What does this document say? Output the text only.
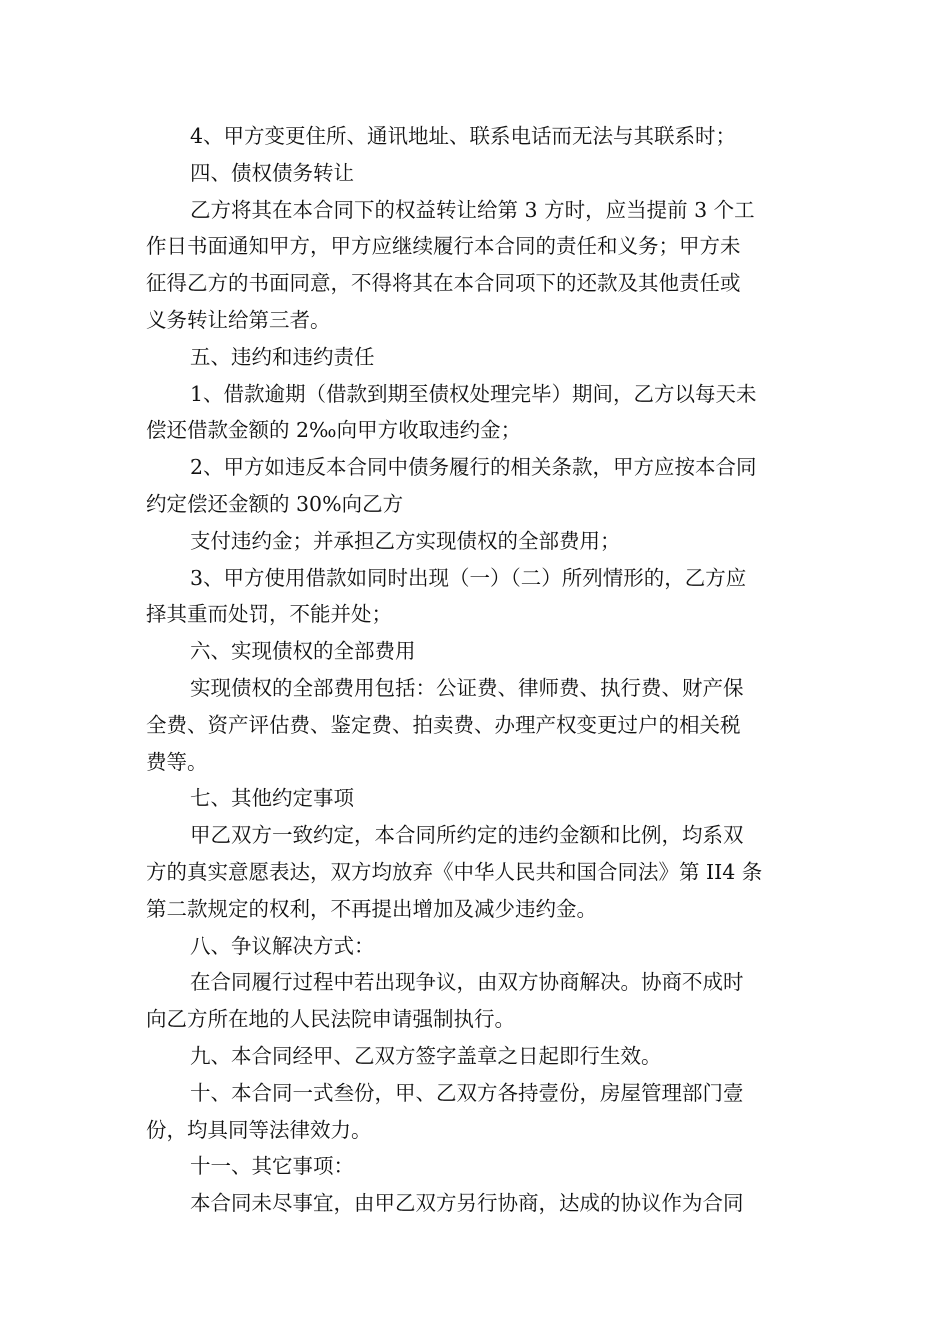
4、甲方变更住所、通讯地址、联系电话而无法与其联系时；
四、债权债务转让
乙方将其在本合同下的权益转让给第 3 方时，应当提前 3 个工
作日书面通知甲方，甲方应继续履行本合同的责任和义务；甲方未
征得乙方的书面同意，不得将其在本合同项下的还款及其他责任或
义务转让给第三者。
五、违约和违约责任
1、借款逾期（借款到期至债权处理完毕）期间，乙方以每天未
偿还借款金额的 2‰向甲方收取违约金；
2、甲方如违反本合同中债务履行的相关条款，甲方应按本合同
约定偿还金额的 30%向乙方
支付违约金；并承担乙方实现债权的全部费用；
3、甲方使用借款如同时出现（一）（二）所列情形的，乙方应
择其重而处罚，不能并处；
六、实现债权的全部费用
实现债权的全部费用包括：公证费、律师费、执行费、财产保
全费、资产评估费、鉴定费、拍卖费、办理产权变更过户的相关税
费等。
七、其他约定事项
甲乙双方一致约定，本合同所约定的违约金额和比例，均系双
方的真实意愿表达，双方均放弃《中华人民共和国合同法》第 II4 条
第二款规定的权利，不再提出增加及减少违约金。
八、争议解决方式：
在合同履行过程中若出现争议，由双方协商解决。协商不成时
向乙方所在地的人民法院申请强制执行。
九、本合同经甲、乙双方签字盖章之日起即行生效。
十、本合同一式叁份，甲、乙双方各持壹份，房屋管理部门壹
份，均具同等法律效力。
十一、其它事项：
本合同未尽事宜，由甲乙双方另行协商，达成的协议作为合同
